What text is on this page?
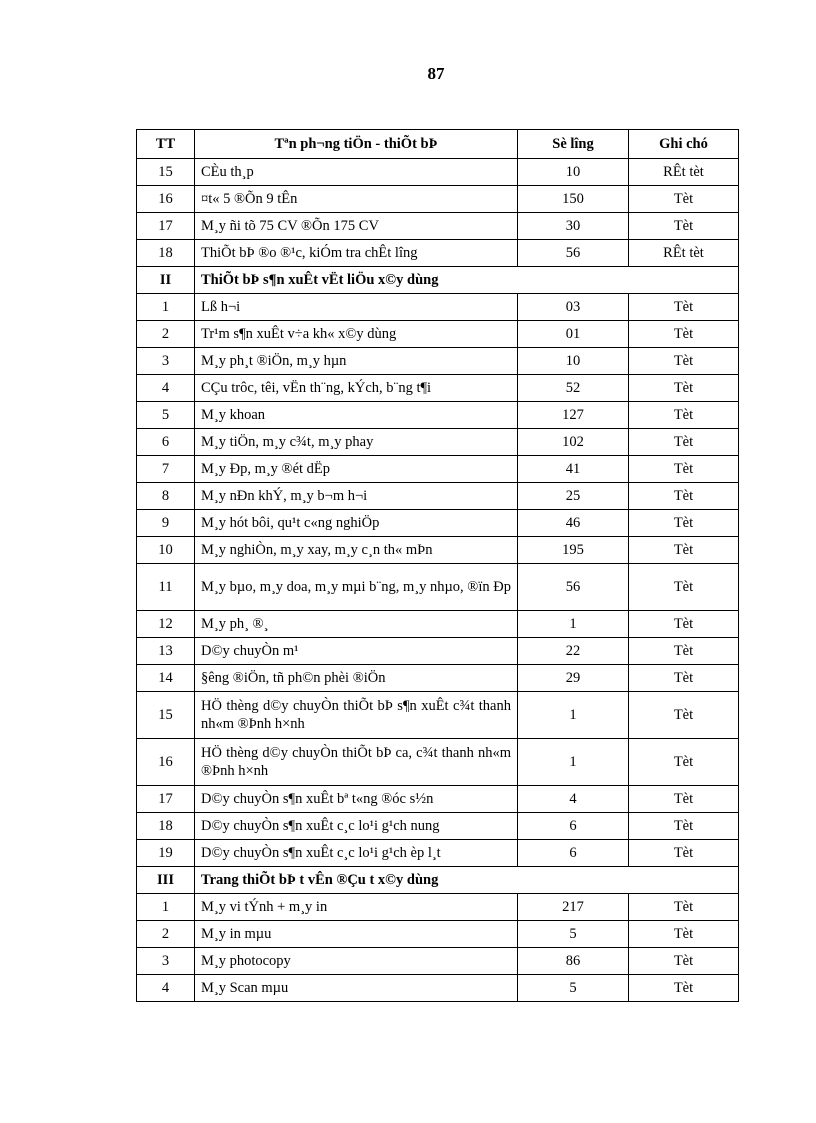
87
TT	Tªn ph¬ng tiÖn - thiÕt bÞ	Sè lîng	Ghi chó
15	CÈu th¸p	10	RÊt tèt
16	¤t« 5 ®Õn 9 tÊn	150	Tèt
17	M¸y ñi tõ 75 CV ®Õn 175 CV	30	Tèt
18	ThiÕt bÞ ®o ®¹c, kiÓm tra chÊt lîng	56	RÊt tèt
II	ThiÕt bÞ s¶n xuÊt vËt liÖu x©y dùng		
1	Lß h¬i	03	Tèt
2	Tr¹m s¶n xuÊt v÷a kh« x©y dùng	01	Tèt
3	M¸y ph¸t ®iÖn, m¸y hµn	10	Tèt
4	CÇu trôc, têi, vËn th¨ng, kÝch, b¨ng t¶i	52	Tèt
5	M¸y khoan	127	Tèt
6	M¸y tiÖn, m¸y c¾t, m¸y phay	102	Tèt
7	M¸y Ðp, m¸y ®ét dËp	41	Tèt
8	M¸y nÐn khÝ, m¸y b¬m h¬i	25	Tèt
9	M¸y hót bôi, qu¹t c«ng nghiÖp	46	Tèt
10	M¸y nghiÒn, m¸y xay, m¸y c¸n th« mÞn	195	Tèt
11	M¸y bµo, m¸y doa, m¸y mµi b¨ng, m¸y nhµo, ®ïn Ðp	56	Tèt
12	M¸y ph¸ ®¸	1	Tèt
13	D©y chuyÒn m¹	22	Tèt
14	§êng ®iÖn, tñ ph©n phèi ®iÖn	29	Tèt
15	HÖ thèng d©y chuyÒn thiÕt bÞ s¶n xuÊt c¾t thanh nh«m ®Þnh h×nh	1	Tèt
16	HÖ thèng d©y chuyÒn thiÕt bÞ ca, c¾t thanh nh«m ®Þnh h×nh	1	Tèt
17	D©y chuyÒn s¶n xuÊt bª t«ng ®óc s½n	4	Tèt
18	D©y chuyÒn s¶n xuÊt c¸c lo¹i g¹ch nung	6	Tèt
19	D©y chuyÒn s¶n xuÊt c¸c lo¹i g¹ch èp l¸t	6	Tèt
III	Trang thiÕt bÞ t vÊn ®Çu t x©y dùng		
1	M¸y vi tÝnh + m¸y in	217	Tèt
2	M¸y in mµu	5	Tèt
3	M¸y photocopy	86	Tèt
4	M¸y Scan mµu	5	Tèt
